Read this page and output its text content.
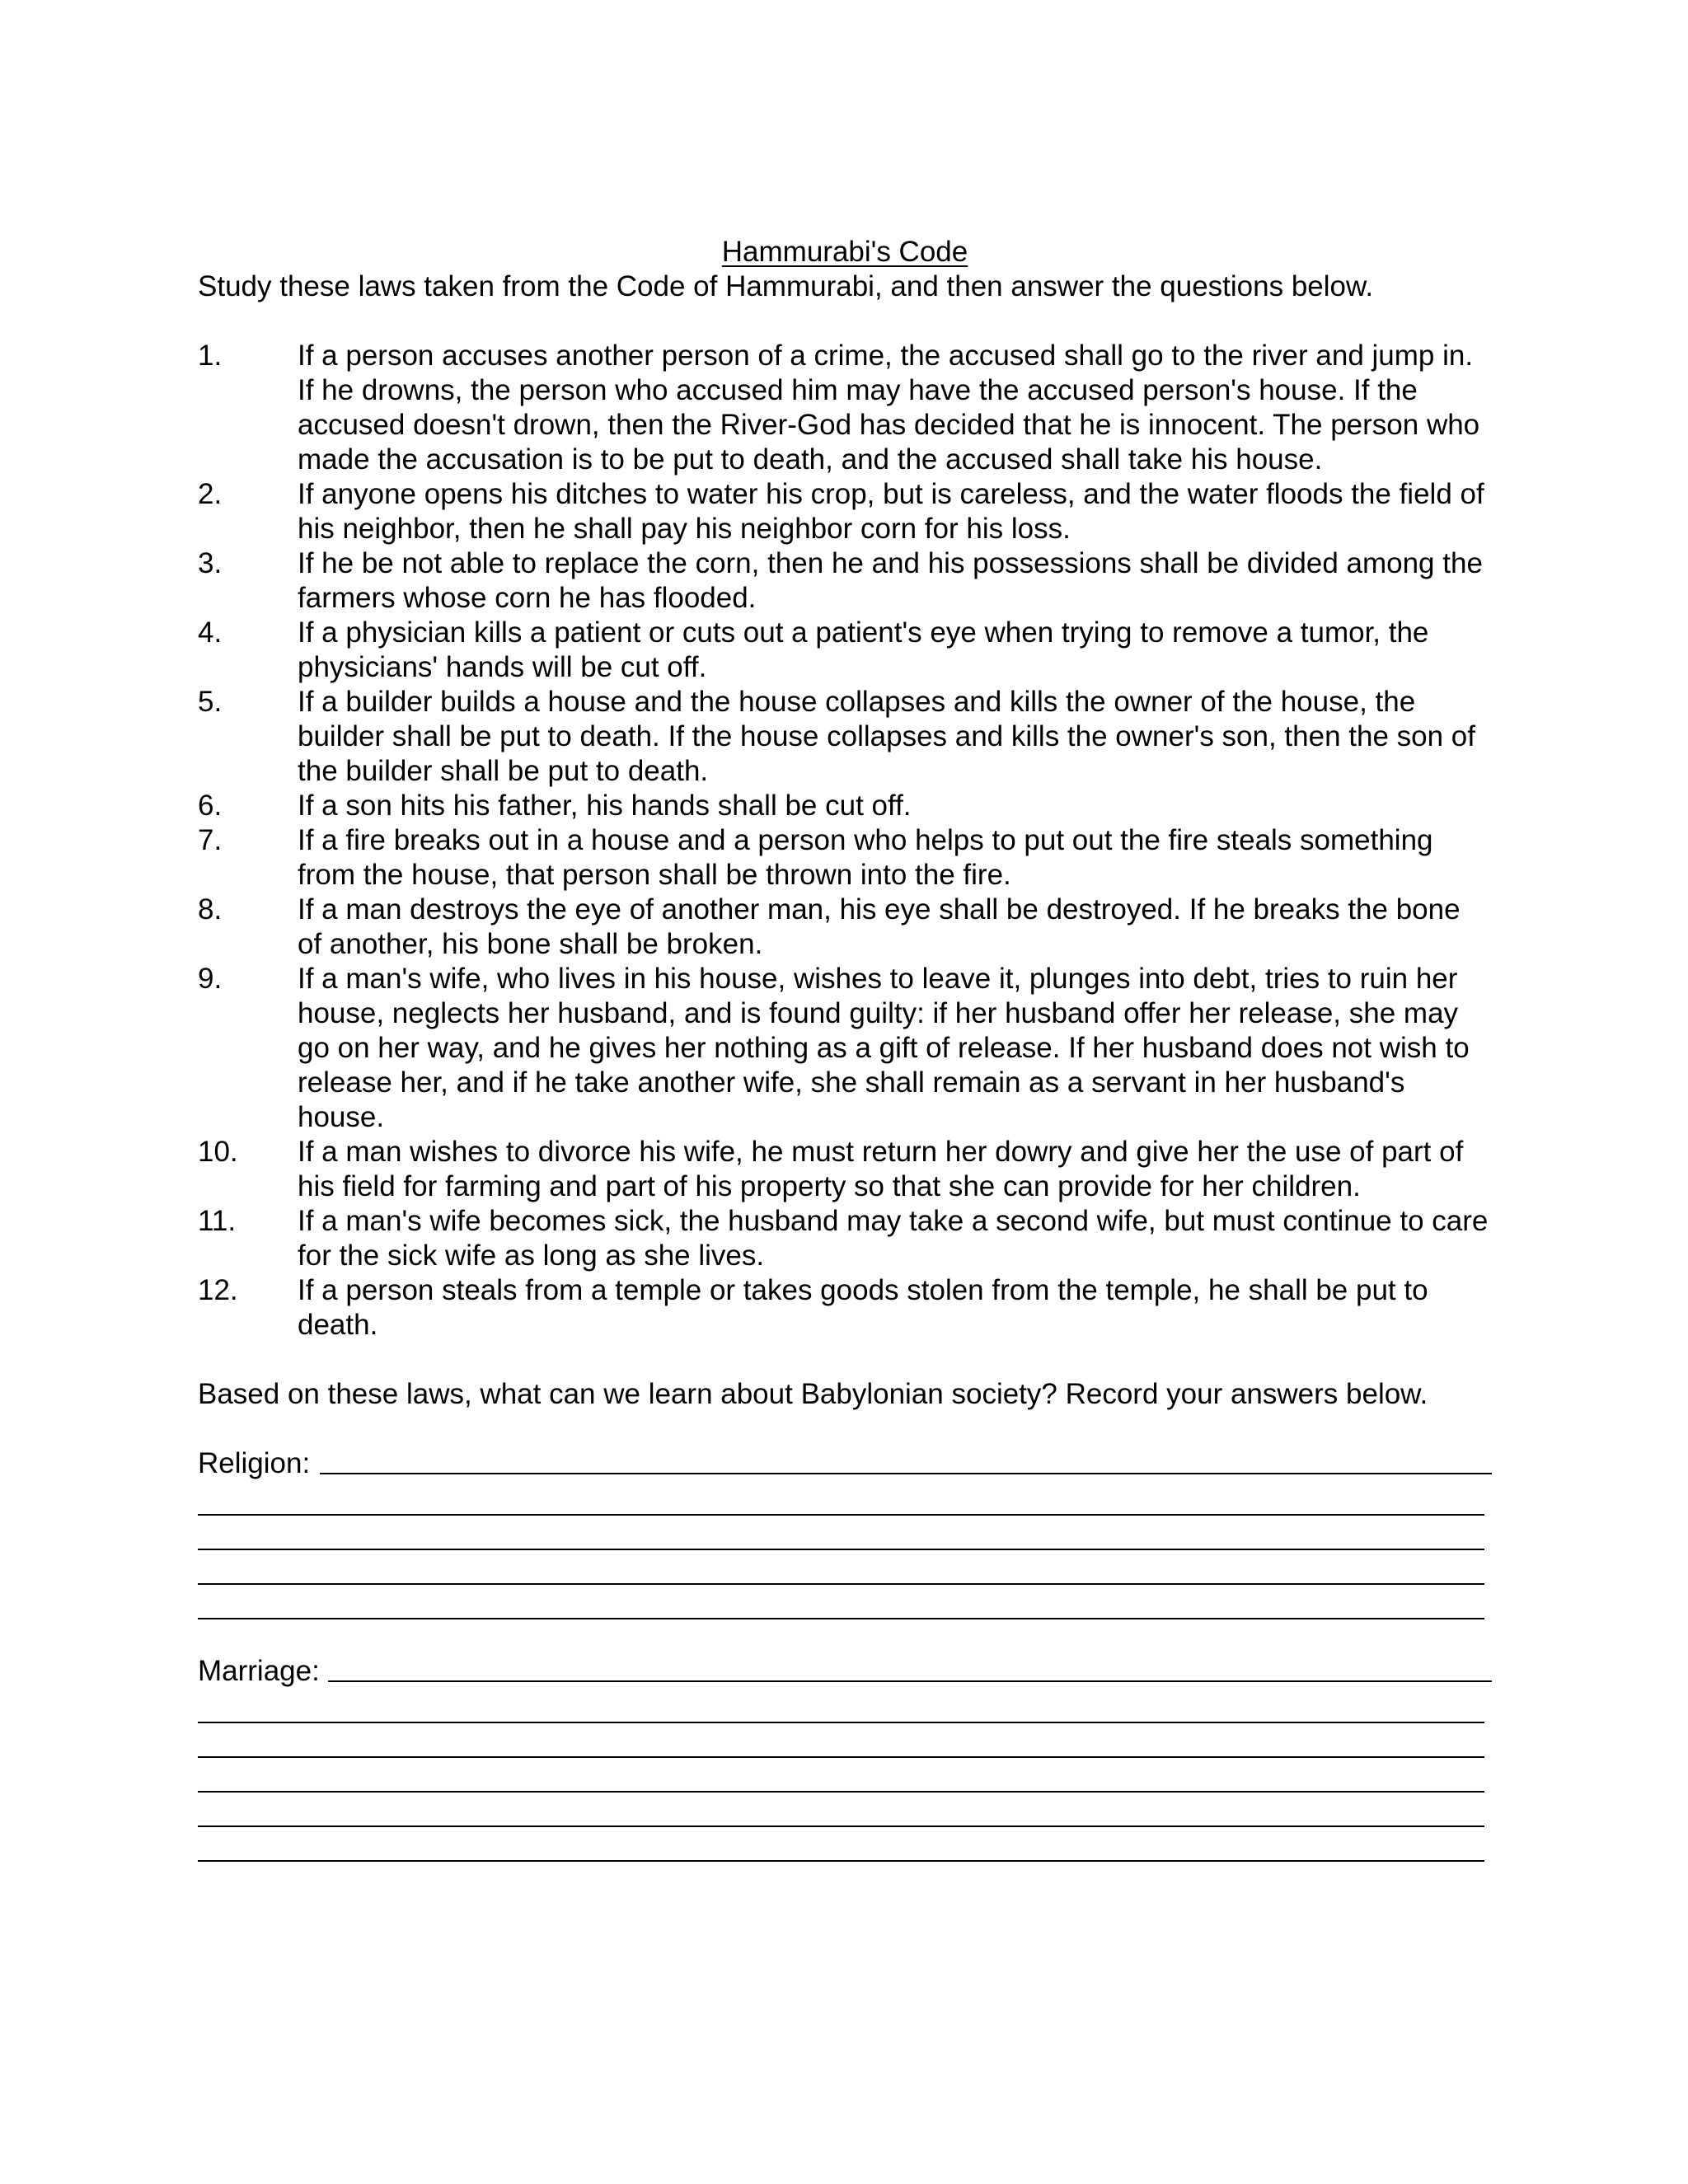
Hammurabi's Code
Study these laws taken from the Code of Hammurabi, and then answer the questions below.
1.	If a person accuses another person of a crime, the accused shall go to the river and jump in. If he drowns, the person who accused him may have the accused person's house. If the accused doesn't drown, then the River-God has decided that he is innocent. The person who made the accusation is to be put to death, and the accused shall take his house.
2.	If anyone opens his ditches to water his crop, but is careless, and the water floods the field of his neighbor, then he shall pay his neighbor corn for his loss.
3.	If he be not able to replace the corn, then he and his possessions shall be divided among the farmers whose corn he has flooded.
4.	If a physician kills a patient or cuts out a patient's eye when trying to remove a tumor, the physicians' hands will be cut off.
5.	If a builder builds a house and the house collapses and kills the owner of the house, the builder shall be put to death. If the house collapses and kills the owner's son, then the son of the builder shall be put to death.
6.	If a son hits his father, his hands shall be cut off.
7.	If a fire breaks out in a house and a person who helps to put out the fire steals something from the house, that person shall be thrown into the fire.
8.	If a man destroys the eye of another man, his eye shall be destroyed. If he breaks the bone of another, his bone shall be broken.
9.	If a man's wife, who lives in his house, wishes to leave it, plunges into debt, tries to ruin her house, neglects her husband, and is found guilty: if her husband offer her release, she may go on her way, and he gives her nothing as a gift of release. If her husband does not wish to release her, and if he take another wife, she shall remain as a servant in her husband's house.
10.	If a man wishes to divorce his wife, he must return her dowry and give her the use of part of his field for farming and part of his property so that she can provide for her children.
11.	If a man's wife becomes sick, the husband may take a second wife, but must continue to care for the sick wife as long as she lives.
12.	If a person steals from a temple or takes goods stolen from the temple, he shall be put to death.
Based on these laws, what can we learn about Babylonian society? Record your answers below.
Religion:
Marriage:
